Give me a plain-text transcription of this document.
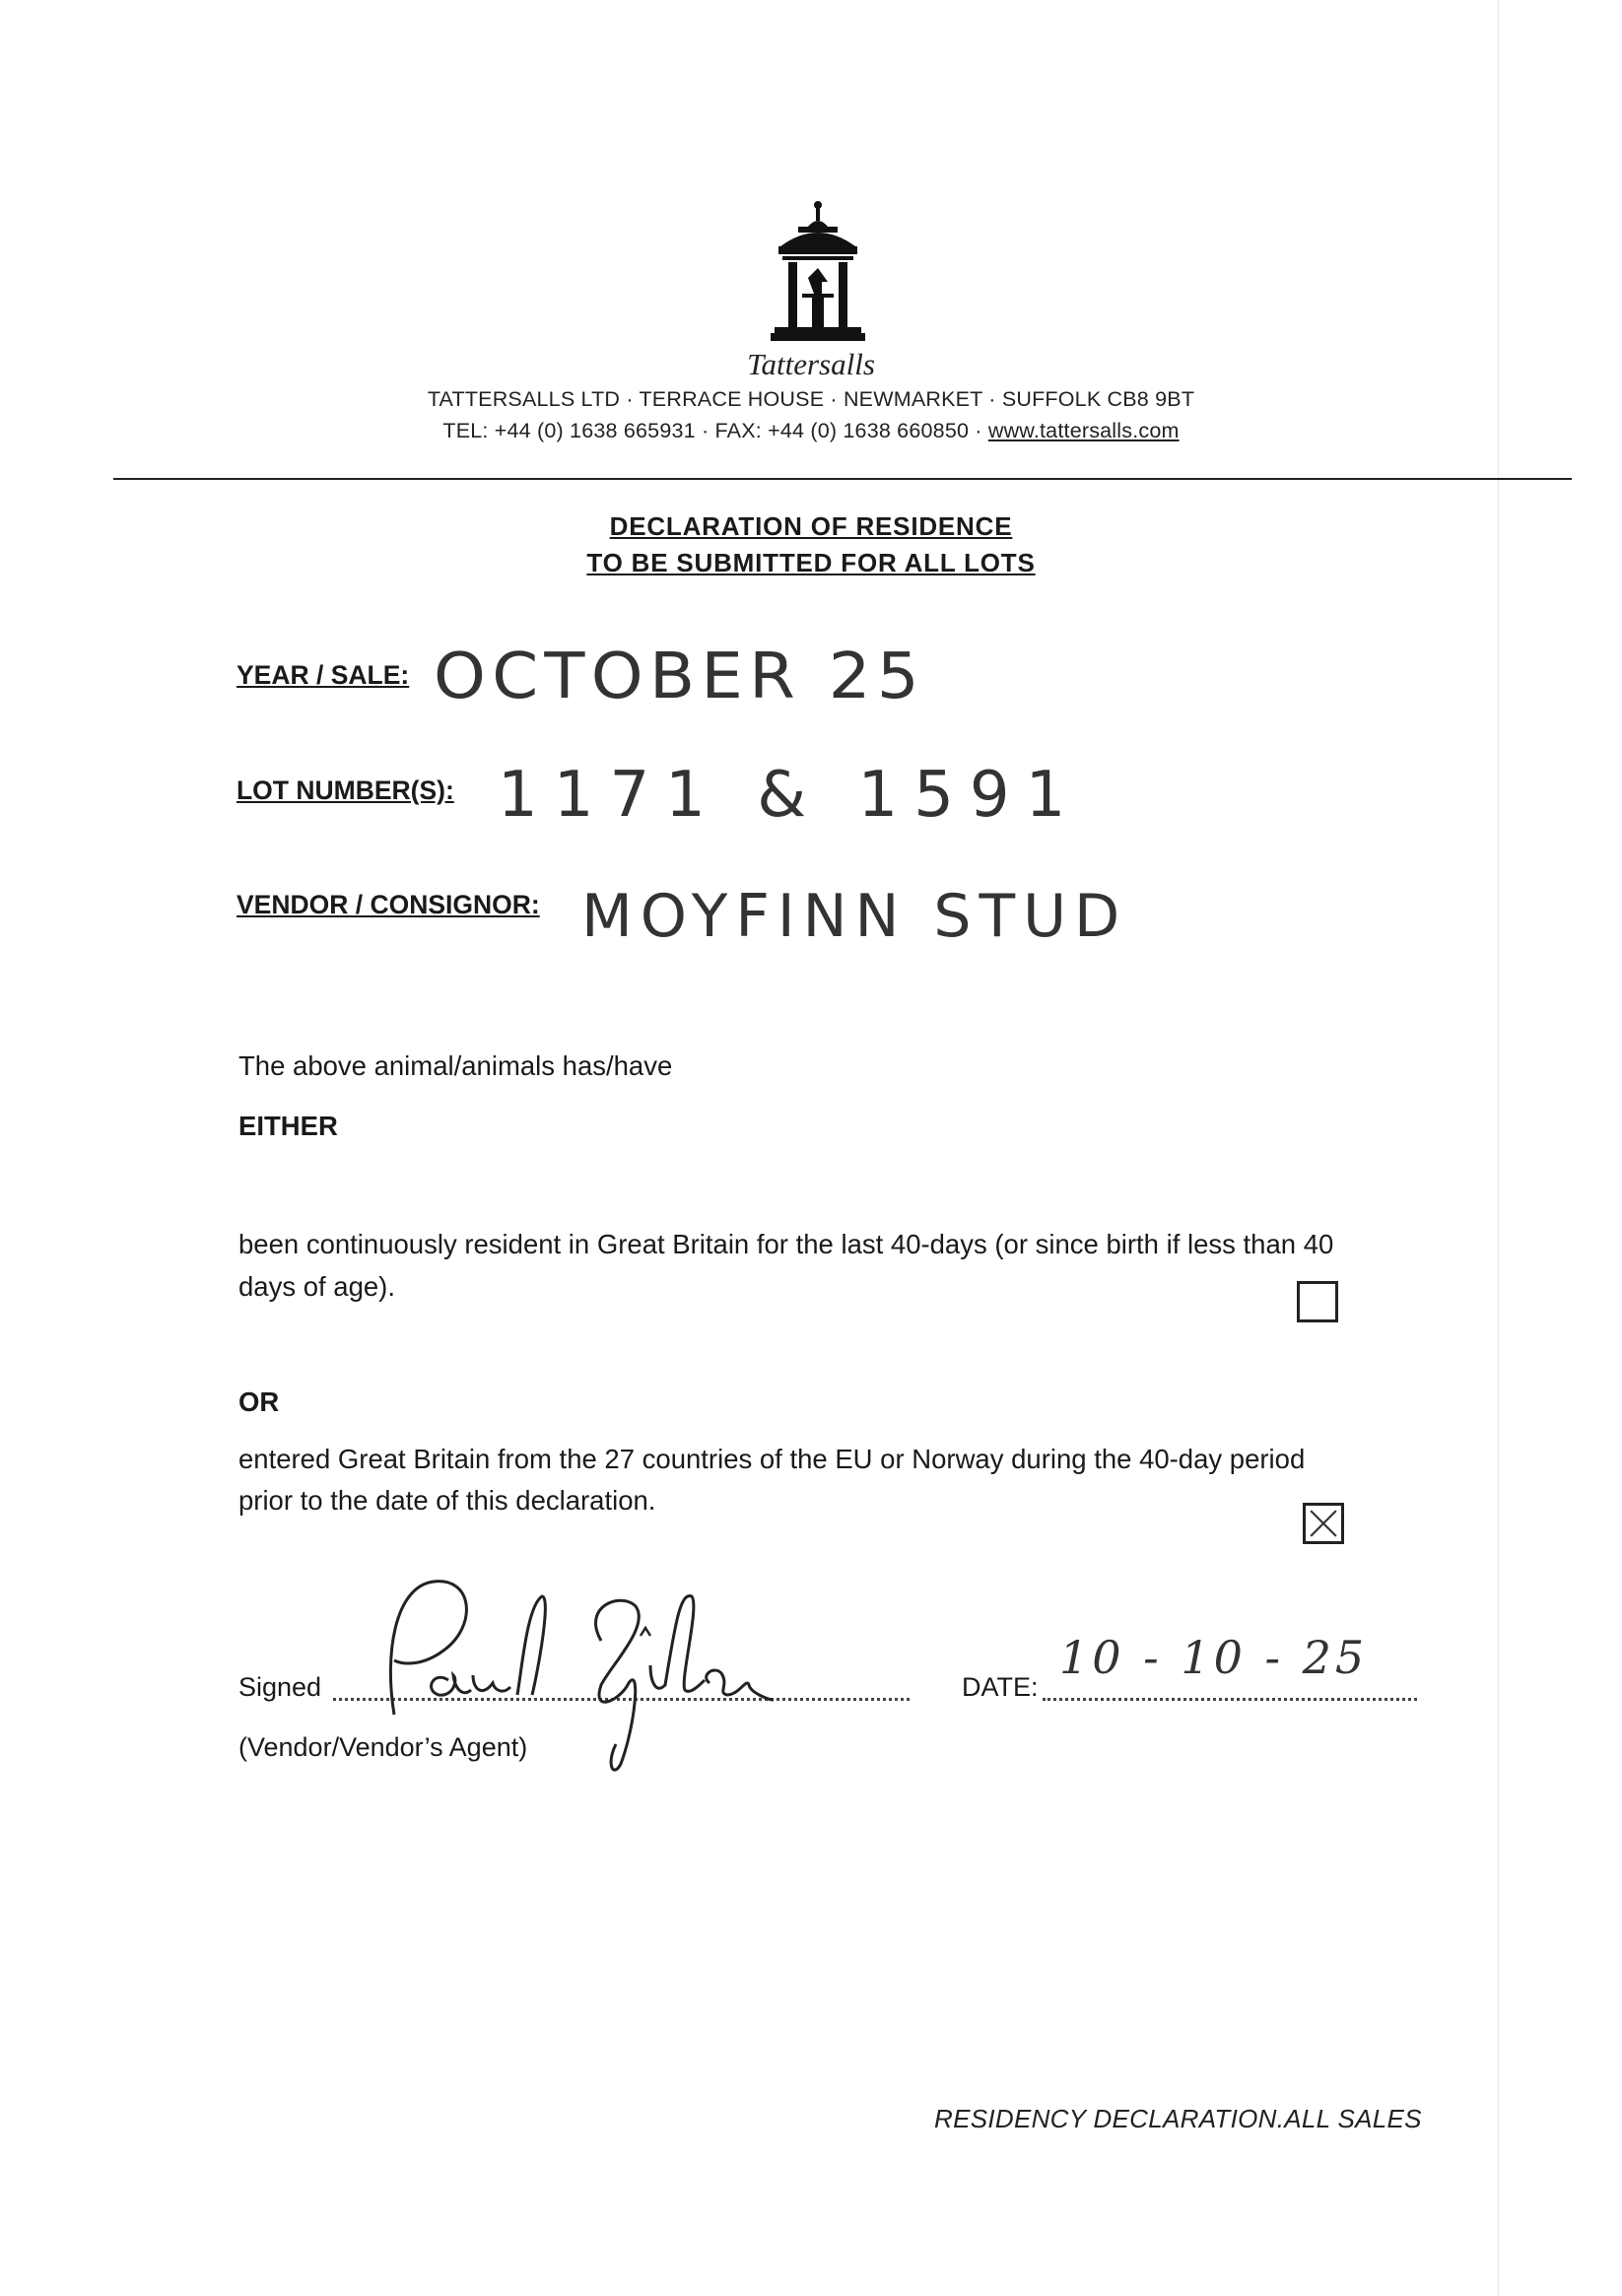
Tattersalls
TATTERSALLS LTD · TERRACE HOUSE · NEWMARKET · SUFFOLK CB8 9BT
TEL: +44 (0) 1638 665931 · FAX: +44 (0) 1638 660850 · www.tattersalls.com
DECLARATION OF RESIDENCE
TO BE SUBMITTED FOR ALL LOTS
YEAR / SALE: OCTOBER 25
LOT NUMBER(S): 1171 & 1591
VENDOR / CONSIGNOR: MOYFINN STUD
The above animal/animals has/have
EITHER
been continuously resident in Great Britain for the last 40-days (or since birth if less than 40
days of age).
OR
entered Great Britain from the 27 countries of the EU or Norway during the 40-day period
prior to the date of this declaration.
Signed	DATE:
10 - 10 - 25
(Vendor/Vendor’s Agent)
RESIDENCY DECLARATION.ALL SALES
